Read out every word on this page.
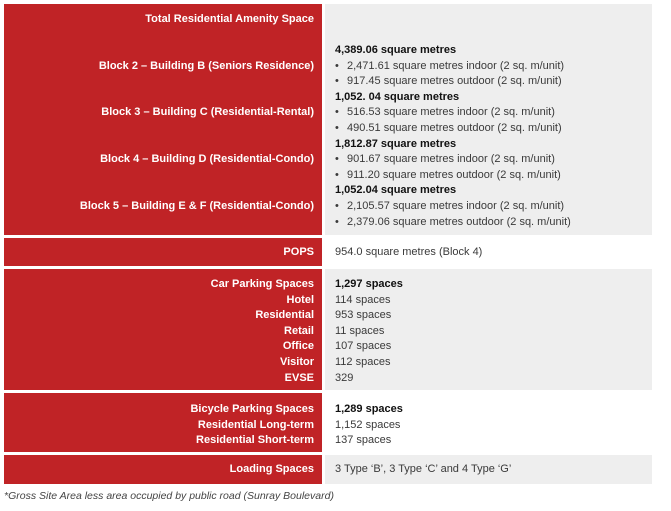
Total Residential Amenity Space
Block 2 – Building B (Seniors Residence)
Block 3 – Building C (Residential-Rental)
Block 4 – Building D (Residential-Condo)
Block 5 – Building E & F (Residential-Condo)
4,389.06 square metres
• 2,471.61 square metres indoor (2 sq. m/unit)
• 917.45 square metres outdoor (2 sq. m/unit)
1,052. 04 square metres
• 516.53 square metres indoor (2 sq. m/unit)
• 490.51 square metres outdoor (2 sq. m/unit)
1,812.87 square metres
• 901.67 square metres indoor (2 sq. m/unit)
• 911.20 square metres outdoor (2 sq. m/unit)
1,052.04 square metres
• 2,105.57 square metres indoor (2 sq. m/unit)
• 2,379.06 square metres outdoor (2 sq. m/unit)
POPS 954.0 square metres (Block 4)
Car Parking Spaces
Hotel
Residential
Retail
Office
Visitor
EVSE
1,297 spaces
114 spaces
953 spaces
11 spaces
107 spaces
112 spaces
329
Bicycle Parking Spaces
Residential Long-term
Residential Short-term
1,289 spaces
1,152 spaces
137 spaces
Loading Spaces 3 Type ‘B’, 3 Type ‘C’ and 4 Type ‘G’
*Gross Site Area less area occupied by public road (Sunray Boulevard)
